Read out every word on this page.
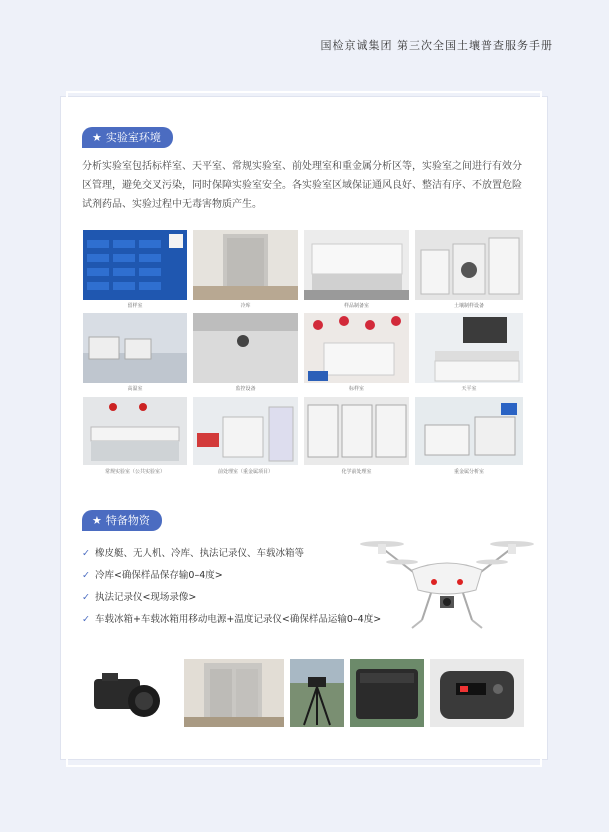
国检京诚集团 第三次全国土壤普查服务手册
★ 实验室环境
分析实验室包括标样室、天平室、常规实验室、前处理室和重金属分析区等，实验室之间进行有效分区管理，避免交叉污染，同时保障实验室安全。各实验室区域保证通风良好、整洁有序、不放置危险试剂药品、实验过程中无毒害物质产生。
留样室	冷库	样品制备室	土壤制样设备
高温室	监控设备	标样室	天平室
常规实验室（公共实验室）	前处理室（重金属项目）	化学前处理室	重金属分析室
★ 特备物资
✓ 橡皮艇、无人机、冷库、执法记录仪、车载冰箱等
✓ 冷库<确保样品保存输0–4度>
✓ 执法记录仪<现场录像>
✓ 车载冰箱+车载冰箱用移动电源+温度记录仪<确保样品运输0–4度>
